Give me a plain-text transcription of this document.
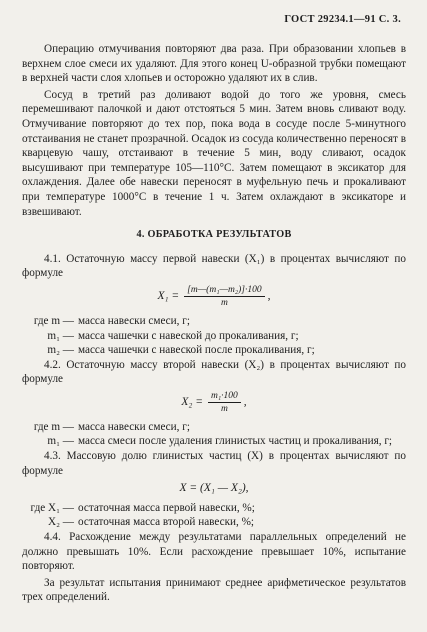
ГОСТ 29234.1—91 С. 3.

Операцию отмучивания повторяют два раза. При образовании хлопьев в верхнем слое смеси их удаляют. Для этого конец U-образной трубки помещают в верхней части слоя хлопьев и осторожно удаляют их в слив.

Сосуд в третий раз доливают водой до того же уровня, смесь перемешивают палочкой и дают отстояться 5 мин. Затем вновь сливают воду. Отмучивание повторяют до тех пор, пока вода в сосуде после 5-минутного отстаивания не станет прозрачной. Осадок из сосуда количественно переносят в кварцевую чашу, отстаивают в течение 5 мин, воду сливают, осадок высушивают при температуре 105—110°С. Затем помещают в эксикатор для охлаждения. Далее обе навески переносят в муфельную печь и прокаливают при температуре 1000°С в течение 1 ч. Затем охлаждают в эксикаторе и взвешивают.

4. ОБРАБОТКА РЕЗУЛЬТАТОВ

4.1. Остаточную массу первой навески (X₁) в процентах вычисляют по формуле

$X_1 = \frac{\text{[m—(m₁—m₂)]·100}}{m}$ ,
где m — масса навески смеси, г;
m₁ — масса чашечки с навеской до прокаливания, г;
m₂ — масса чашечки с навеской после прокаливания, г;

4.2. Остаточную массу второй навески (X₂) в процентах вычисляют по формуле

$X_2 = \frac{\text{m₁·100}}{m}$ ,
где m — масса навески смеси, г;
m₁ — масса смеси после удаления глинистых частиц и прокаливания, г;

4.3. Массовую долю глинистых частиц (X) в процентах вычисляют по формуле

X = (X₁ — X₂),
где X₁ — остаточная масса первой навески, %;
X₂ — остаточная масса второй навески, %;

4.4. Расхождение между результатами параллельных определений не должно превышать 10%. Если расхождение превышает 10%, испытание повторяют.

За результат испытания принимают среднее арифметическое результатов трех определений.
